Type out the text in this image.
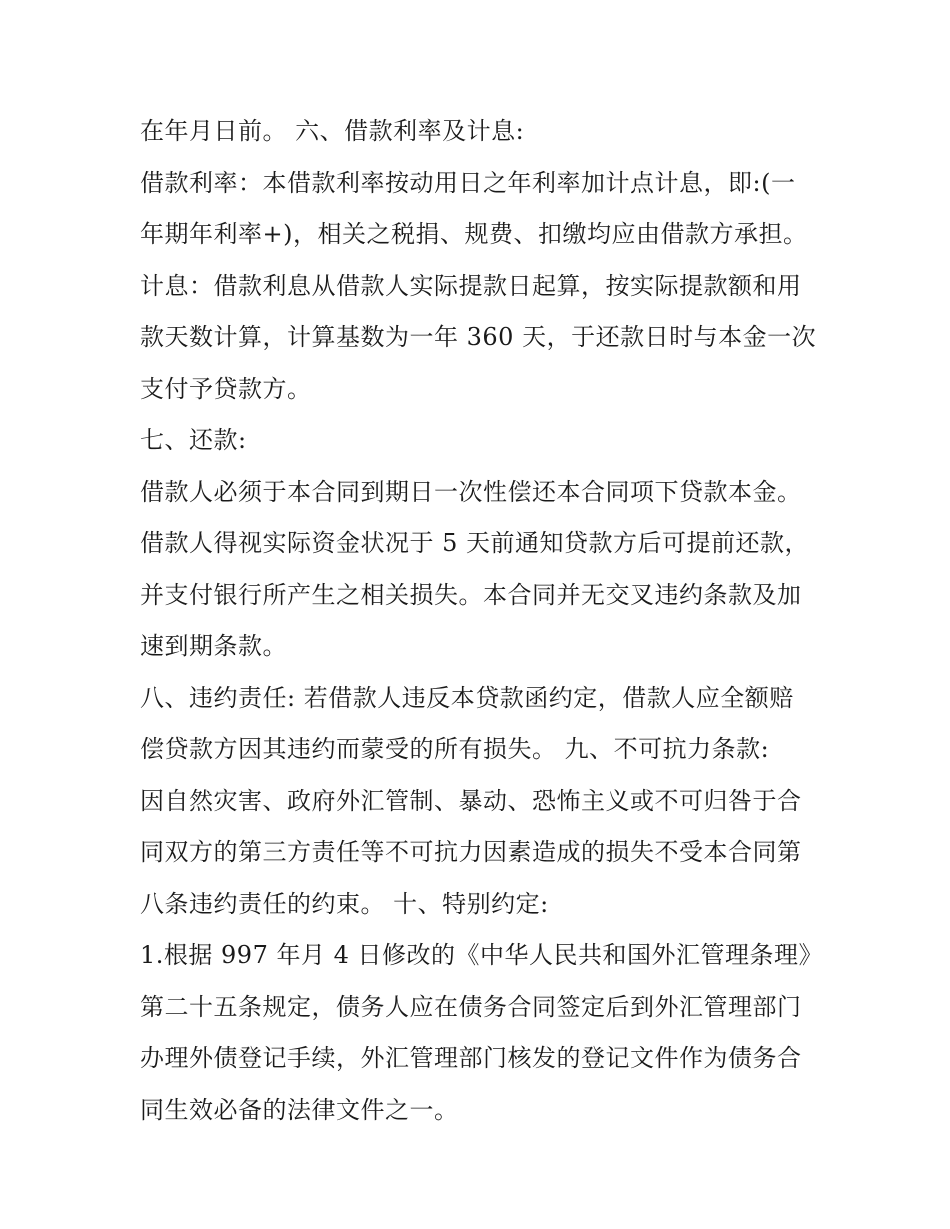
在年月日前。 六、借款利率及计息:
借款利率：本借款利率按动用日之年利率加计点计息，即:(一
年期年利率+)，相关之税捐、规费、扣缴均应由借款方承担。
计息：借款利息从借款人实际提款日起算，按实际提款额和用
款天数计算，计算基数为一年 360 天，于还款日时与本金一次
支付予贷款方。
七、还款:
借款人必须于本合同到期日一次性偿还本合同项下贷款本金。
借款人得视实际资金状况于 5 天前通知贷款方后可提前还款，
并支付银行所产生之相关损失。本合同并无交叉违约条款及加
速到期条款。
八、违约责任: 若借款人违反本贷款函约定，借款人应全额赔
偿贷款方因其违约而蒙受的所有损失。 九、不可抗力条款:
因自然灾害、政府外汇管制、暴动、恐怖主义或不可归咎于合
同双方的第三方责任等不可抗力因素造成的损失不受本合同第
八条违约责任的约束。 十、特别约定:
1.根据 997 年月 4 日修改的《中华人民共和国外汇管理条理》
第二十五条规定，债务人应在债务合同签定后到外汇管理部门
办理外债登记手续，外汇管理部门核发的登记文件作为债务合
同生效必备的法律文件之一。
